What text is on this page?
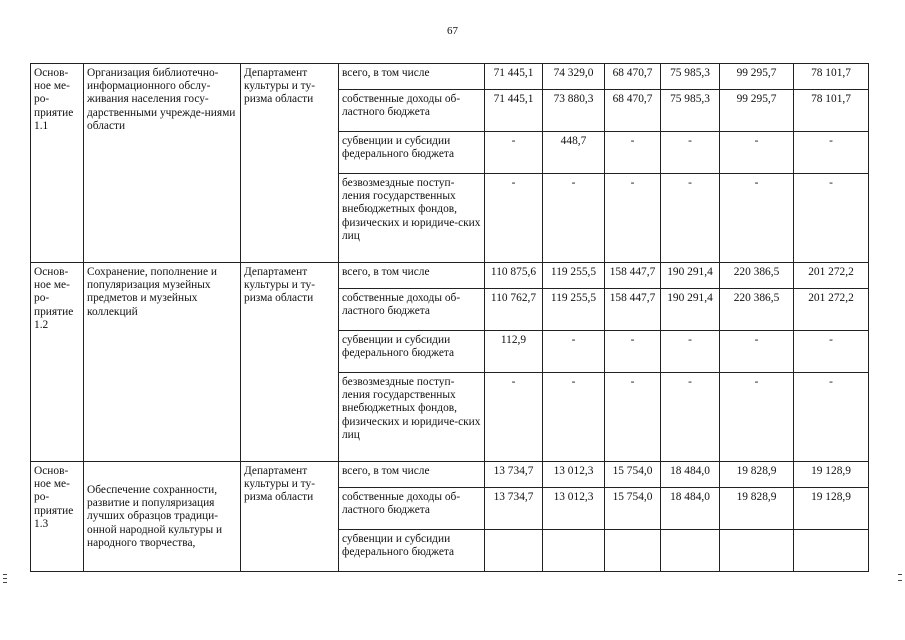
67
Основ-ное ме-ро-приятие 1.1	Организация библиотечно-информационного обслу-живания населения госу-дарственными учрежде-ниями области	Департамент культуры и ту-ризма области	всего, в том числе	71 445,1	74 329,0	68 470,7	75 985,3	99 295,7	78 101,7
			собственные доходы об-ластного бюджета	71 445,1	73 880,3	68 470,7	75 985,3	99 295,7	78 101,7
			субвенции и субсидии федерального бюджета	-	448,7	-	-	-	-
			безвозмездные поступ-ления государственных внебюджетных фондов, физических и юридиче-ских лиц	-	-	-	-	-	-
Основ-ное ме-ро-приятие 1.2	Сохранение, пополнение и популяризация музейных предметов и музейных коллекций	Департамент культуры и ту-ризма области	всего, в том числе	110 875,6	119 255,5	158 447,7	190 291,4	220 386,5	201 272,2
			собственные доходы об-ластного бюджета	110 762,7	119 255,5	158 447,7	190 291,4	220 386,5	201 272,2
			субвенции и субсидии федерального бюджета	112,9	-	-	-	-	-
			безвозмездные поступ-ления государственных внебюджетных фондов, физических и юридиче-ских лиц	-	-	-	-	-	-
Основ-ное ме-ро-приятие 1.3	Обеспечение сохранности, развитие и популяризация лучших образцов традици-онной народной культуры и народного творчества,	Департамент культуры и ту-ризма области	всего, в том числе	13 734,7	13 012,3	15 754,0	18 484,0	19 828,9	19 128,9
			собственные доходы об-ластного бюджета	13 734,7	13 012,3	15 754,0	18 484,0	19 828,9	19 128,9
			субвенции и субсидии федерального бюджета						
